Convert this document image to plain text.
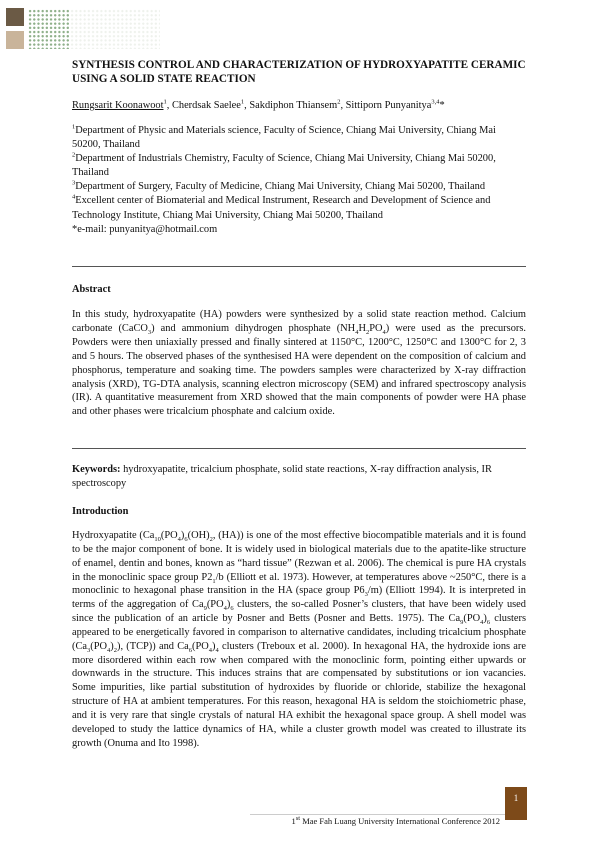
SYNTHESIS CONTROL AND CHARACTERIZATION OF HYDROXYAPATITE CERAMIC USING A SOLID STATE REACTION
Rungsarit Koonawoot$^1$, Cherdsak Saelee$^1$, Sakdiphon Thiansem$^2$, Sittiporn Punyanitya$^{3,4}$*

$^1$Department of Physic and Materials science, Faculty of Science, Chiang Mai University, Chiang Mai 50200, Thailand

$^2$Department of Industrials Chemistry, Faculty of Science, Chiang Mai University, Chiang Mai 50200, Thailand

$^3$Department of Surgery, Faculty of Medicine, Chiang Mai University, Chiang Mai 50200, Thailand

$^4$Excellent center of Biomaterial and Medical Instrument, Research and Development of Science and Technology Institute, Chiang Mai University, Chiang Mai 50200, Thailand

*e-mail: punyanitya@hotmail.com

Abstract
In this study, hydroxyapatite (HA) powders were synthesized by a solid state reaction method. Calcium carbonate (CaCO$_3$) and ammonium dihydrogen phosphate $(NH_4H_2PO_4)$ were used as the precursors. Powders were then uniaxially pressed and finally sintered at 1150°C, 1200°C, 1250°C and 1300°C for 2, 3 and 5 hours. The observed phases of the synthesised HA were dependent on the composition of calcium and phosphorus, temperature and soaking time. The powders samples were characterized by X-ray diffraction analysis (XRD), TG-DTA analysis, scanning electron microscopy (SEM) and infrared spectroscopy analysis (IR). A quantitative measurement from XRD showed that the main components of powder were HA phase and other phases were tricalcium phosphate and calcium oxide.
Keywords: hydroxyapatite, tricalcium phosphate, solid state reactions, X-ray diffraction analysis, IR spectroscopy
Introduction
Hydroxyapatite ($Ca_{10}(PO_4)_6(OH)_2$, (HA)) is one of the most effective biocompatible materials and it is found to be the major component of bone. It is widely used in biological materials due to the apatite-like structure of enamel, dentin and bones, known as “hard tissue” (Rezwan et al. 2006). The chemical is pure HA crystals in the monoclinic space group $P2_1/b$ (Elliott et al. 1973). However, at temperatures above ~250°C, there is a monoclinic to hexagonal phase transition in the HA (space group $P6_3/m$) (Elliott 1994). It is interpreted in terms of the aggregation of $Ca_9(PO_4)_6$ clusters, the so-called Posner’s clusters, that have been widely used since the publication of an article by Posner and Betts (Posner and Betts. 1975). The $Ca_9(PO_4)_6$ clusters appeared to be energetically favored in comparison to alternative candidates, including tricalcium phosphate $(Ca_3(PO_4)_2)$, (TCP)) and $Ca_6(PO_4)_4$ clusters (Treboux et al. 2000). In hexagonal HA, the hydroxide ions are more disordered within each row when compared with the monoclinic form, pointing either upwards or downwards in the structure. This induces strains that are compensated by substitutions or ion vacancies. Some impurities, like partial substitution of hydroxides by fluoride or chloride, stabilize the hexagonal structure of HA at ambient temperatures. For this reason, hexagonal HA is seldom the stoichiometric phase, and it is very rare that single crystals of natural HA exhibit the hexagonal space group. A shell model was developed to study the lattice dynamics of HA, while a cluster growth model was created to illustrate its growth (Onuma and Ito 1998).
1st Mae Fah Luang University International Conference 2012
1
